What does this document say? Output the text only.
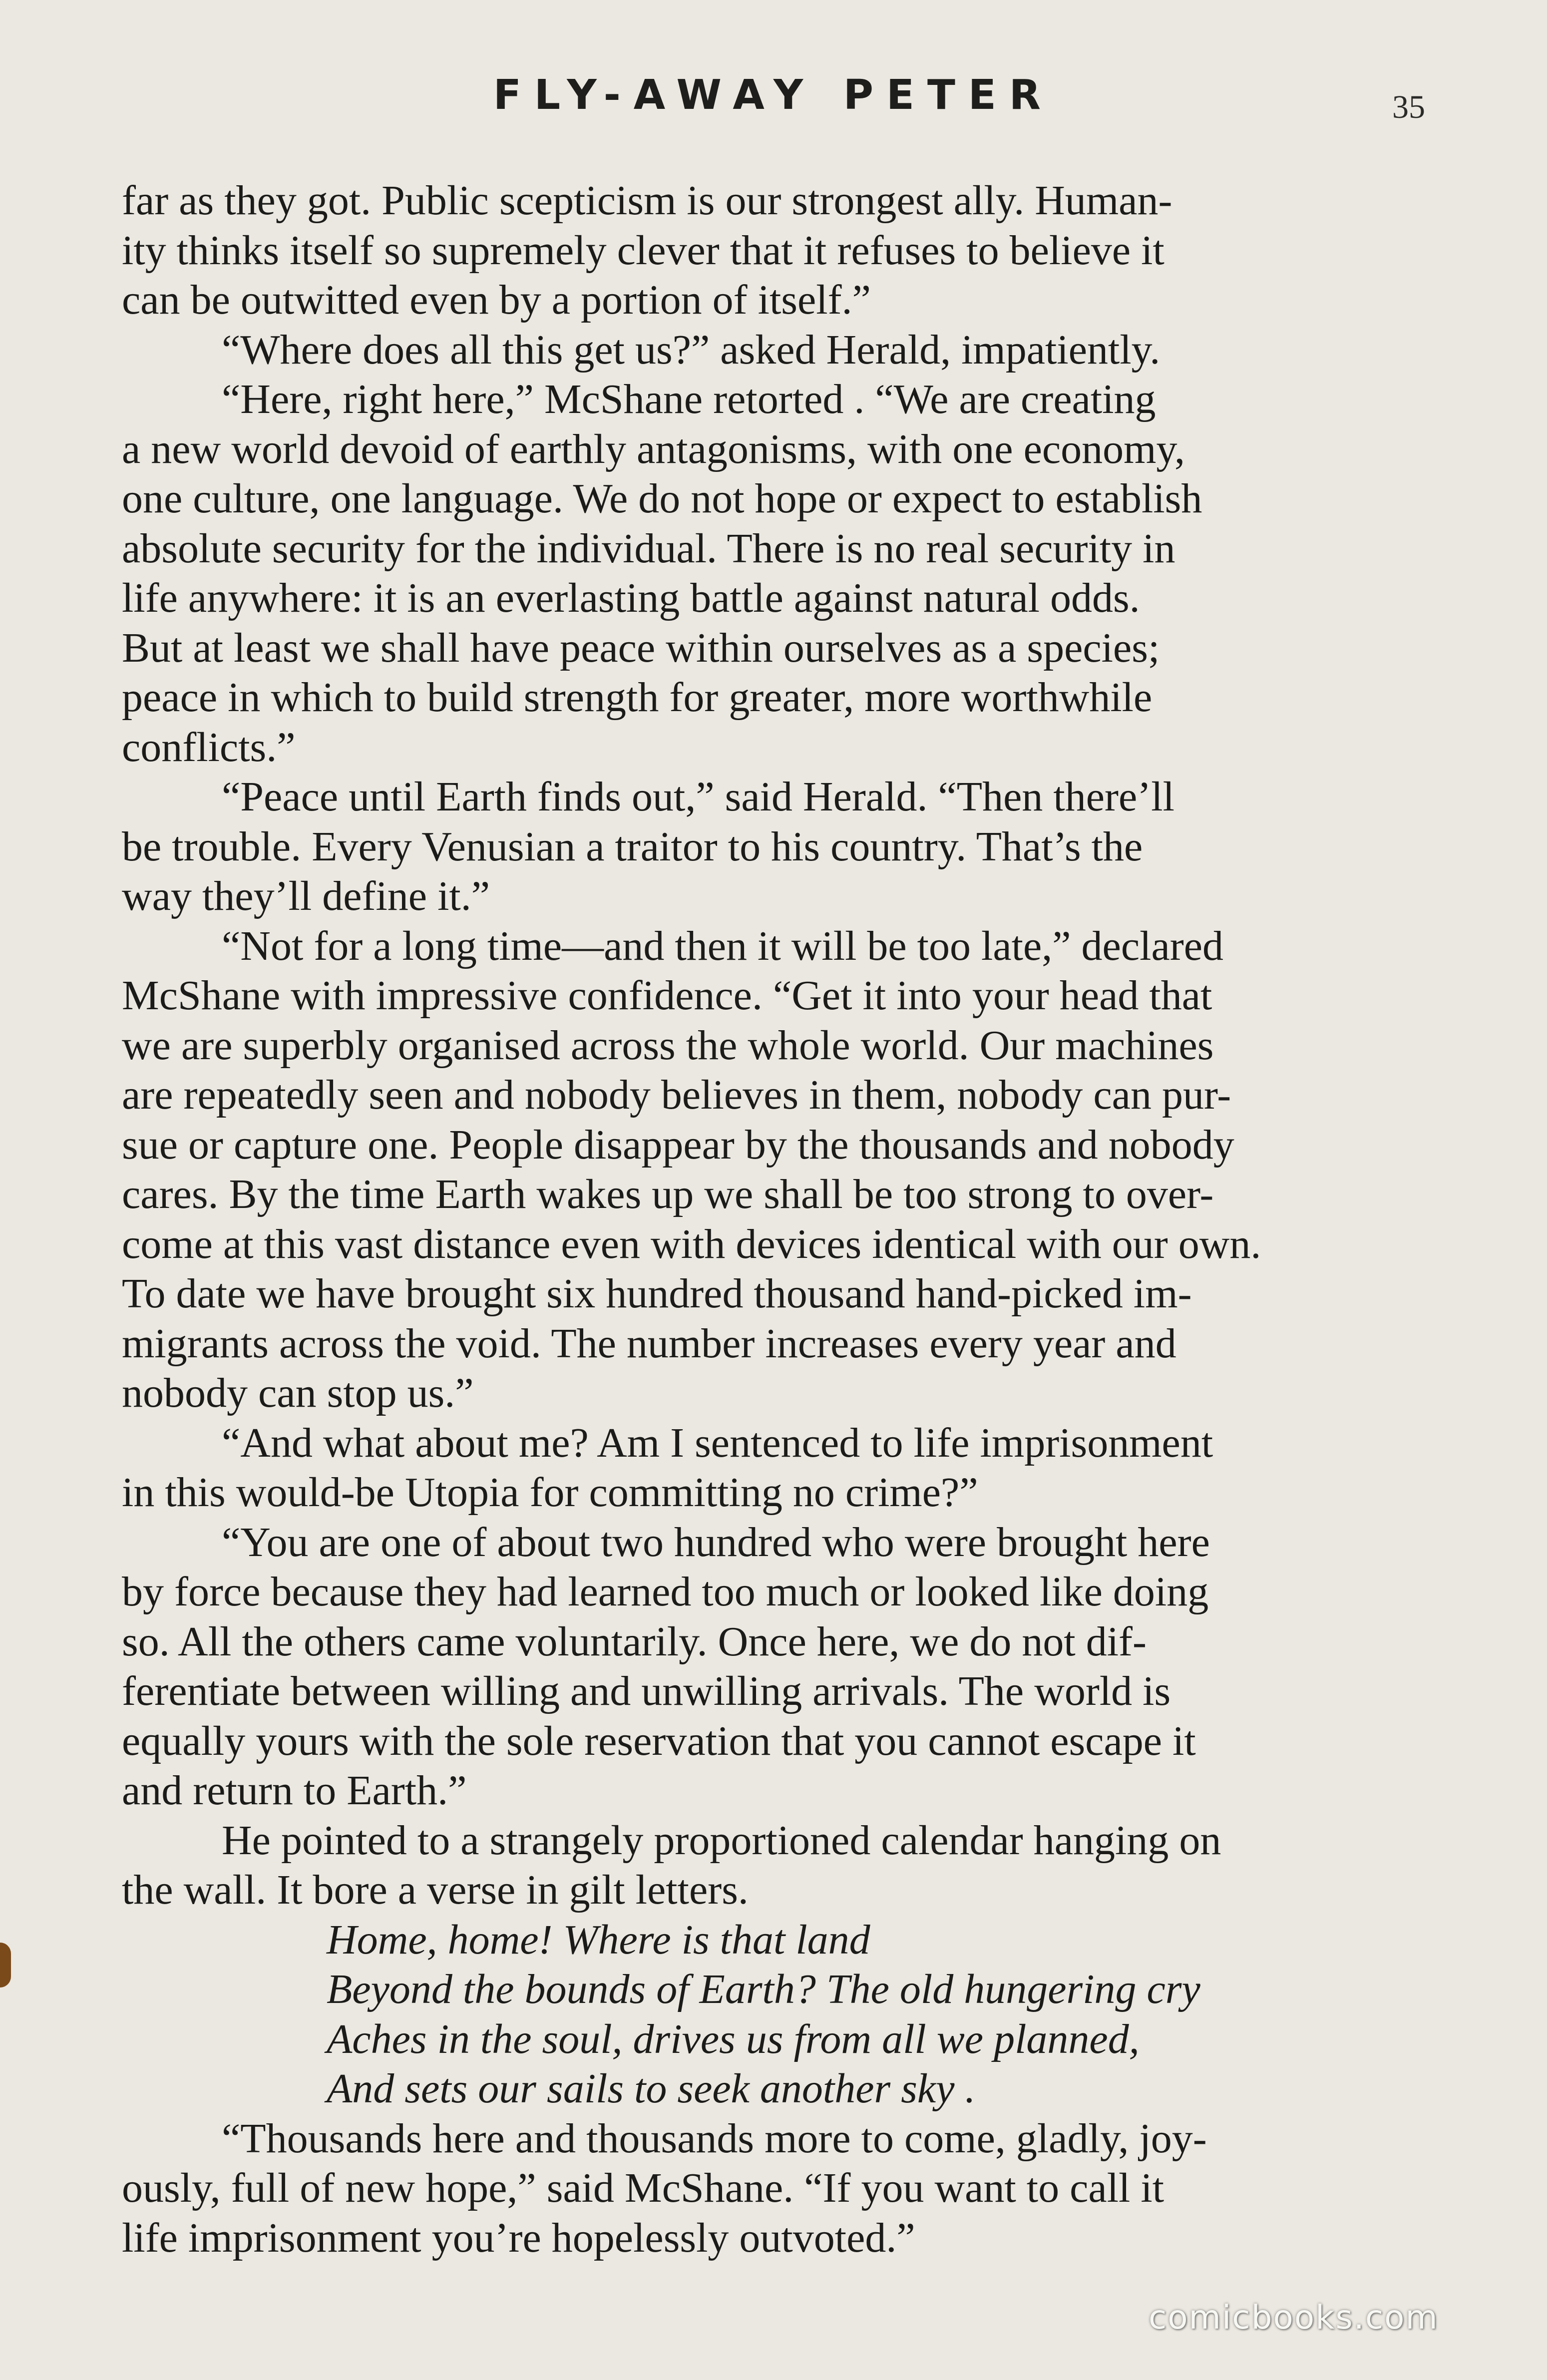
FLY-AWAY PETER	35
far as they got. Public scepticism is our strongest ally. Human-
ity thinks itself so supremely clever that it refuses to believe it
can be outwitted even by a portion of itself.”
“Where does all this get us?” asked Herald, impatiently.
“Here, right here,” McShane retorted . “We are creating
a new world devoid of earthly antagonisms, with one economy,
one culture, one language. We do not hope or expect to establish
absolute security for the individual. There is no real security in
life anywhere: it is an everlasting battle against natural odds.
But at least we shall have peace within ourselves as a species;
peace in which to build strength for greater, more worthwhile
conflicts.”
“Peace until Earth finds out,” said Herald. “Then there’ll
be trouble. Every Venusian a traitor to his country. That’s the
way they’ll define it.”
“Not for a long time—and then it will be too late,” declared
McShane with impressive confidence. “Get it into your head that
we are superbly organised across the whole world. Our machines
are repeatedly seen and nobody believes in them, nobody can pur-
sue or capture one. People disappear by the thousands and nobody
cares. By the time Earth wakes up we shall be too strong to over-
come at this vast distance even with devices identical with our own.
To date we have brought six hundred thousand hand-picked im-
migrants across the void. The number increases every year and
nobody can stop us.”
“And what about me? Am I sentenced to life imprisonment
in this would-be Utopia for committing no crime?”
“You are one of about two hundred who were brought here
by force because they had learned too much or looked like doing
so. All the others came voluntarily. Once here, we do not dif-
ferentiate between willing and unwilling arrivals. The world is
equally yours with the sole reservation that you cannot escape it
and return to Earth.”
He pointed to a strangely proportioned calendar hanging on
the wall. It bore a verse in gilt letters.
Home, home! Where is that land
Beyond the bounds of Earth? The old hungering cry
Aches in the soul, drives us from all we planned,
And sets our sails to seek another sky .
“Thousands here and thousands more to come, gladly, joy-
ously, full of new hope,” said McShane. “If you want to call it
life imprisonment you’re hopelessly outvoted.”
comicbooks.com
